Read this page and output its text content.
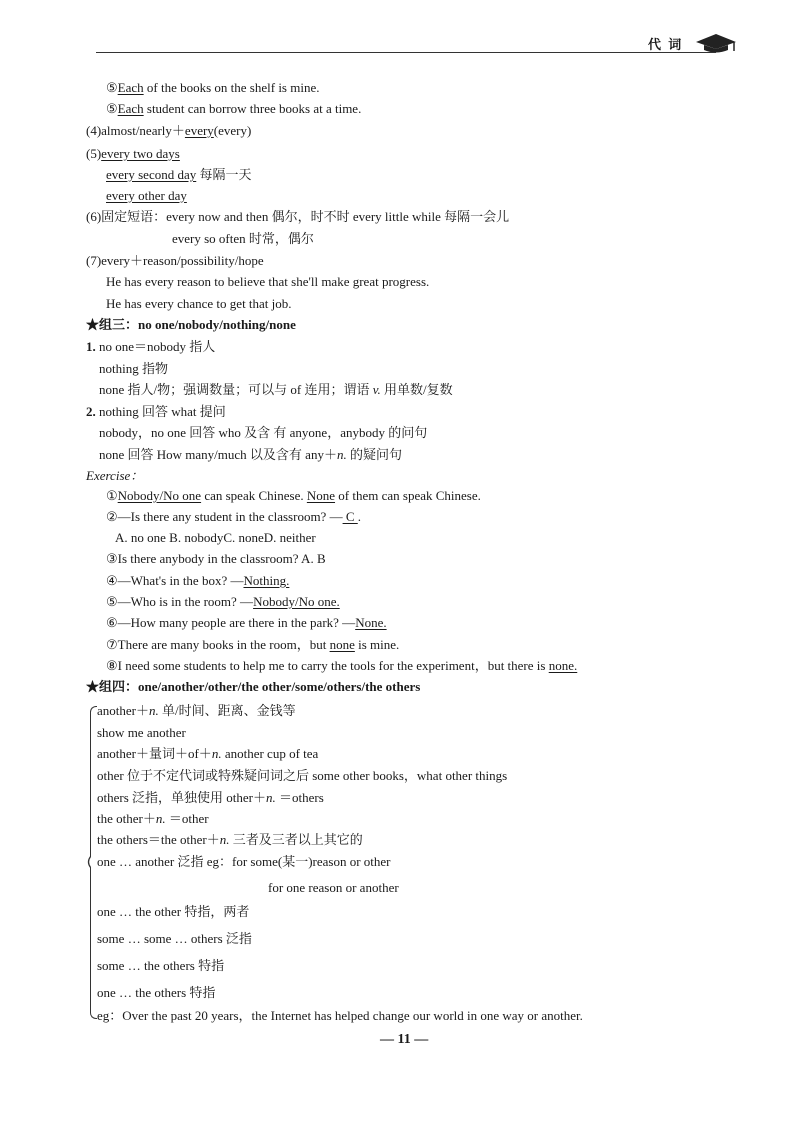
代 词
⑤Each of the books on the shelf is mine.
⑤Each student can borrow three books at a time.
(4)almost/nearly＋every(every)
(5)every two days
every second day 每隔一天
every other day
(6)固定短语：every now and then 偶尔，时不时 every little while 每隔一会儿
every so often 时常，偶尔
(7)every＋reason/possibility/hope
He has every reason to believe that she'll make great progress.
He has every chance to get that job.
★组三：no one/nobody/nothing/none
1. no one＝nobody 指人
nothing 指物
none 指人/物；强调数量；可以与 of 连用；谓语 v. 用单数/复数
2. nothing 回答 what 提问
nobody，no one 回答 who 及含 有 anyone，anybody 的问句
none 回答 How many/much 以及含有 any＋n. 的疑问句
Exercise：
①Nobody/No one can speak Chinese. None of them can speak Chinese.
②—Is there any student in the classroom? — C .
A. no one B. nobodyC. noneD. neither
③Is there anybody in the classroom? A. B
④—What's in the box? —Nothing.
⑤—Who is in the room? —Nobody/No one.
⑥—How many people are there in the park? —None.
⑦There are many books in the room，but none is mine.
⑧I need some students to help me to carry the tools for the experiment，but there is none.
★组四：one/another/other/the other/some/others/the others
another＋n. 单/时间、距离、金钱等
show me another
another＋量词＋of＋n. another cup of tea
other 位于不定代词或特殊疑问词之后 some other books，what other things
others 泛指，单独使用 other＋n. ＝others
the other＋n. ＝other
the others＝the other＋n. 三者及三者以上其它的
one … another 泛指 eg：for some(某一)reason or other
for one reason or another
one … the other 特指，两者
some … some … others 泛指
some … the others 特指
one … the others 特指
eg：Over the past 20 years，the Internet has helped change our world in one way or another.
— 11 —
